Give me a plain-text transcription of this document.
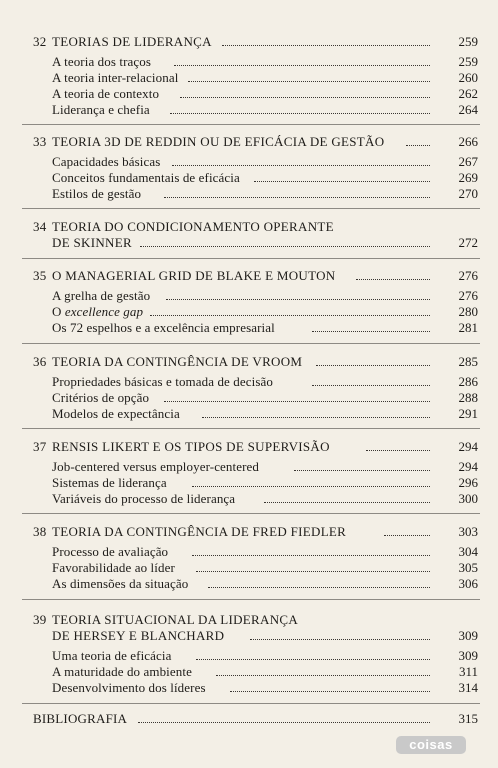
32 TEORIAS DE LIDERANÇA	259
A teoria dos traços	259
A teoria inter-relacional	260
A teoria de contexto	262
Liderança e chefia	264
33 TEORIA 3D DE REDDIN OU DE EFICÁCIA DE GESTÃO	266
Capacidades básicas	267
Conceitos fundamentais de eficácia	269
Estilos de gestão	270
34 TEORIA DO CONDICIONAMENTO OPERANTE
DE SKINNER	272
35 O MANAGERIAL GRID DE BLAKE E MOUTON	276
A grelha de gestão	276
O excellence gap	280
Os 72 espelhos e a excelência empresarial	281
36 TEORIA DA CONTINGÊNCIA DE VROOM	285
Propriedades básicas e tomada de decisão	286
Critérios de opção	288
Modelos de expectância	291
37 RENSIS LIKERT E OS TIPOS DE SUPERVISÃO	294
Job-centered versus employer-centered	294
Sistemas de liderança	296
Variáveis do processo de liderança	300
38 TEORIA DA CONTINGÊNCIA DE FRED FIEDLER	303
Processo de avaliação	304
Favorabilidade ao líder	305
As dimensões da situação	306
39 TEORIA SITUACIONAL DA LIDERANÇA
DE HERSEY E BLANCHARD	309
Uma teoria de eficácia	309
A maturidade do ambiente	311
Desenvolvimento dos líderes	314
BIBLIOGRAFIA	315
coisas
